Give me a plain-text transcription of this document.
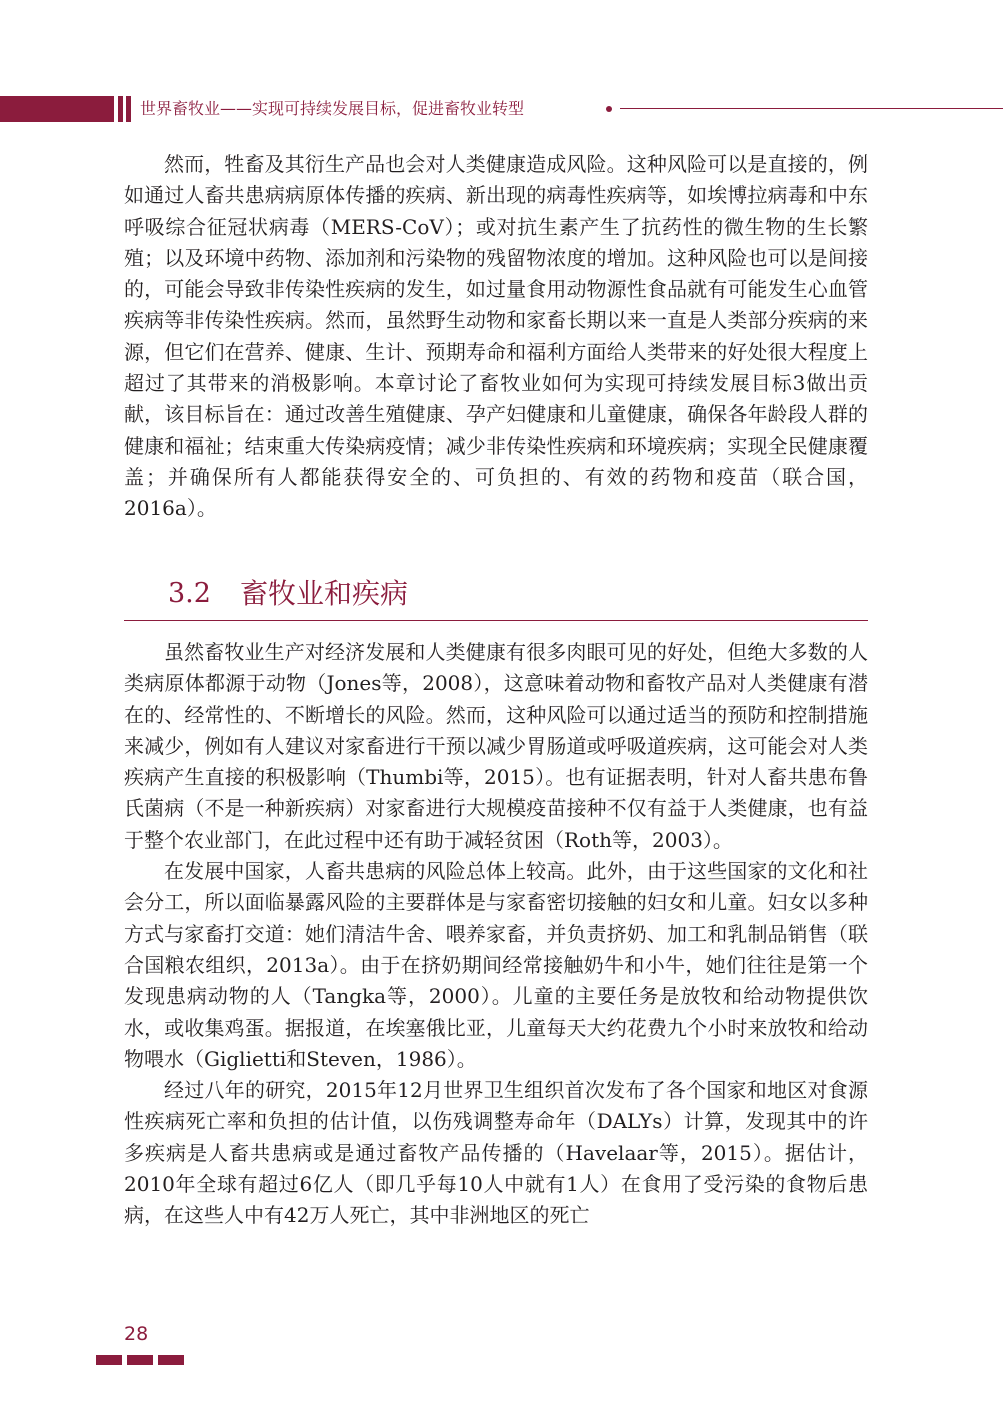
世界畜牧业——实现可持续发展目标，促进畜牧业转型

然而，牲畜及其衍生产品也会对人类健康造成风险。这种风险可以是直接的，例如通过人畜共患病病原体传播的疾病、新出现的病毒性疾病等，如埃博拉病毒和中东呼吸综合征冠状病毒（MERS-CoV）；或对抗生素产生了抗药性的微生物的生长繁殖；以及环境中药物、添加剂和污染物的残留物浓度的增加。这种风险也可以是间接的，可能会导致非传染性疾病的发生，如过量食用动物源性食品就有可能发生心血管疾病等非传染性疾病。然而，虽然野生动物和家畜长期以来一直是人类部分疾病的来源，但它们在营养、健康、生计、预期寿命和福利方面给人类带来的好处很大程度上超过了其带来的消极影响。本章讨论了畜牧业如何为实现可持续发展目标3做出贡献，该目标旨在：通过改善生殖健康、孕产妇健康和儿童健康，确保各年龄段人群的健康和福祉；结束重大传染病疫情；减少非传染性疾病和环境疾病；实现全民健康覆盖；并确保所有人都能获得安全的、可负担的、有效的药物和疫苗（联合国，2016a）。

3.2 畜牧业和疾病

虽然畜牧业生产对经济发展和人类健康有很多肉眼可见的好处，但绝大多数的人类病原体都源于动物（Jones等，2008），这意味着动物和畜牧产品对人类健康有潜在的、经常性的、不断增长的风险。然而，这种风险可以通过适当的预防和控制措施来减少，例如有人建议对家畜进行干预以减少胃肠道或呼吸道疾病，这可能会对人类疾病产生直接的积极影响（Thumbi等，2015）。也有证据表明，针对人畜共患布鲁氏菌病（不是一种新疾病）对家畜进行大规模疫苗接种不仅有益于人类健康，也有益于整个农业部门，在此过程中还有助于减轻贫困（Roth等，2003）。

在发展中国家，人畜共患病的风险总体上较高。此外，由于这些国家的文化和社会分工，所以面临暴露风险的主要群体是与家畜密切接触的妇女和儿童。妇女以多种方式与家畜打交道：她们清洁牛舍、喂养家畜，并负责挤奶、加工和乳制品销售（联合国粮农组织，2013a）。由于在挤奶期间经常接触奶牛和小牛，她们往往是第一个发现患病动物的人（Tangka等，2000）。儿童的主要任务是放牧和给动物提供饮水，或收集鸡蛋。据报道，在埃塞俄比亚，儿童每天大约花费九个小时来放牧和给动物喂水（Giglietti和Steven，1986）。

经过八年的研究，2015年12月世界卫生组织首次发布了各个国家和地区对食源性疾病死亡率和负担的估计值，以伤残调整寿命年（DALYs）计算，发现其中的许多疾病是人畜共患病或是通过畜牧产品传播的（Havelaar等，2015）。据估计，2010年全球有超过6亿人（即几乎每10人中就有1人）在食用了受污染的食物后患病，在这些人中有42万人死亡，其中非洲地区的死亡

28
